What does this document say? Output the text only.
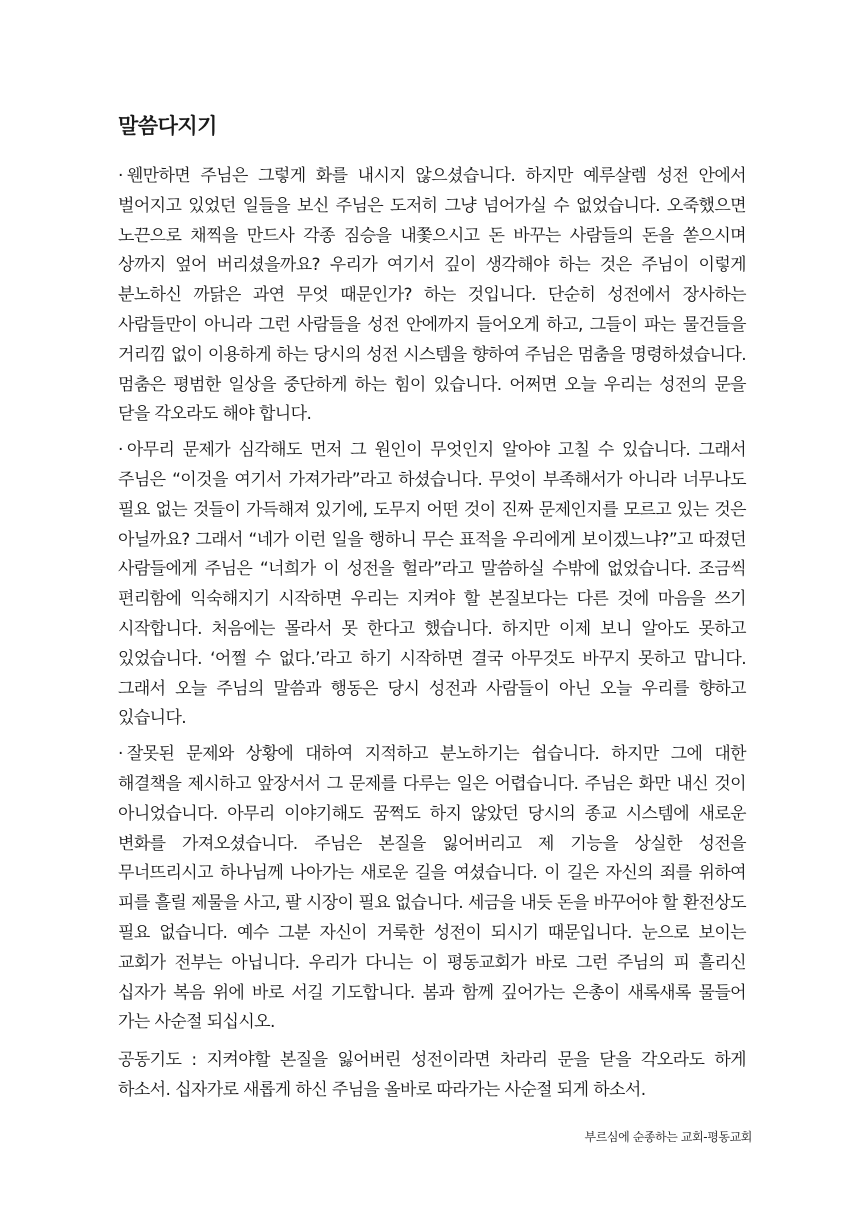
말씀다지기

· 웬만하면 주님은 그렇게 화를 내시지 않으셨습니다. 하지만 예루살렘 성전 안에서 벌어지고 있었던 일들을 보신 주님은 도저히 그냥 넘어가실 수 없었습니다. 오죽했으면 노끈으로 채찍을 만드사 각종 짐승을 내쫓으시고 돈 바꾸는 사람들의 돈을 쏟으시며 상까지 엎어 버리셨을까요? 우리가 여기서 깊이 생각해야 하는 것은 주님이 이렇게 분노하신 까닭은 과연 무엇 때문인가? 하는 것입니다. 단순히 성전에서 장사하는 사람들만이 아니라 그런 사람들을 성전 안에까지 들어오게 하고, 그들이 파는 물건들을 거리낌 없이 이용하게 하는 당시의 성전 시스템을 향하여 주님은 멈춤을 명령하셨습니다. 멈춤은 평범한 일상을 중단하게 하는 힘이 있습니다. 어쩌면 오늘 우리는 성전의 문을 닫을 각오라도 해야 합니다.

· 아무리 문제가 심각해도 먼저 그 원인이 무엇인지 알아야 고칠 수 있습니다. 그래서 주님은 “이것을 여기서 가져가라”라고 하셨습니다. 무엇이 부족해서가 아니라 너무나도 필요 없는 것들이 가득해져 있기에, 도무지 어떤 것이 진짜 문제인지를 모르고 있는 것은 아닐까요? 그래서 “네가 이런 일을 행하니 무슨 표적을 우리에게 보이겠느냐?”고 따졌던 사람들에게 주님은 “너희가 이 성전을 헐라”라고 말씀하실 수밖에 없었습니다. 조금씩 편리함에 익숙해지기 시작하면 우리는 지켜야 할 본질보다는 다른 것에 마음을 쓰기 시작합니다. 처음에는 몰라서 못 한다고 했습니다. 하지만 이제 보니 알아도 못하고 있었습니다. ‘어쩔 수 없다.’라고 하기 시작하면 결국 아무것도 바꾸지 못하고 맙니다. 그래서 오늘 주님의 말씀과 행동은 당시 성전과 사람들이 아닌 오늘 우리를 향하고 있습니다.

· 잘못된 문제와 상황에 대하여 지적하고 분노하기는 쉽습니다. 하지만 그에 대한 해결책을 제시하고 앞장서서 그 문제를 다루는 일은 어렵습니다. 주님은 화만 내신 것이 아니었습니다. 아무리 이야기해도 꿈쩍도 하지 않았던 당시의 종교 시스템에 새로운 변화를 가져오셨습니다. 주님은 본질을 잃어버리고 제 기능을 상실한 성전을 무너뜨리시고 하나님께 나아가는 새로운 길을 여셨습니다. 이 길은 자신의 죄를 위하여 피를 흘릴 제물을 사고, 팔 시장이 필요 없습니다. 세금을 내듯 돈을 바꾸어야 할 환전상도 필요 없습니다. 예수 그분 자신이 거룩한 성전이 되시기 때문입니다. 눈으로 보이는 교회가 전부는 아닙니다. 우리가 다니는 이 평동교회가 바로 그런 주님의 피 흘리신 십자가 복음 위에 바로 서길 기도합니다. 봄과 함께 깊어가는 은총이 새록새록 물들어 가는 사순절 되십시오.

공동기도 : 지켜야할 본질을 잃어버린 성전이라면 차라리 문을 닫을 각오라도 하게 하소서. 십자가로 새롭게 하신 주님을 올바로 따라가는 사순절 되게 하소서.

부르심에 순종하는 교회-평동교회
